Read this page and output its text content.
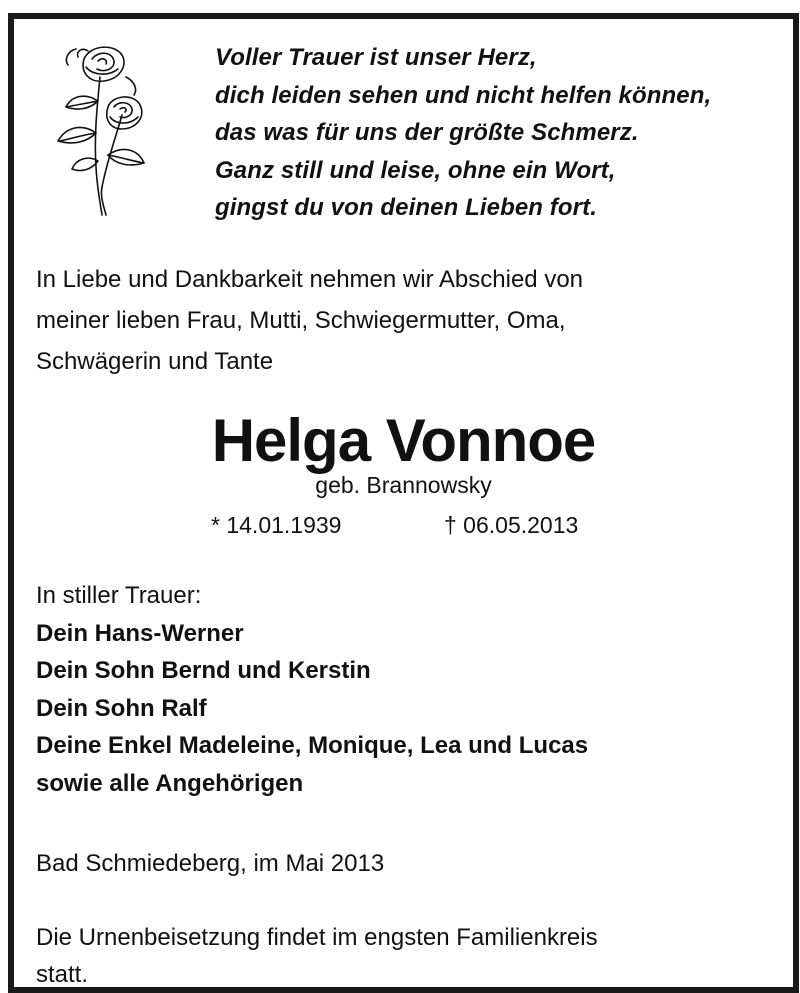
Voller Trauer ist unser Herz,
dich leiden sehen und nicht helfen können,
das was für uns der größte Schmerz.
Ganz still und leise, ohne ein Wort,
gingst du von deinen Lieben fort.
In Liebe und Dankbarkeit nehmen wir Abschied von
meiner lieben Frau, Mutti, Schwiegermutter, Oma,
Schwägerin und Tante
Helga Vonnoe
geb. Brannowsky
* 14.01.1939	† 06.05.2013
In stiller Trauer:
Dein Hans-Werner
Dein Sohn Bernd und Kerstin
Dein Sohn Ralf
Deine Enkel Madeleine, Monique, Lea und Lucas
sowie alle Angehörigen
Bad Schmiedeberg, im Mai 2013
Die Urnenbeisetzung findet im engsten Familienkreis
statt.
